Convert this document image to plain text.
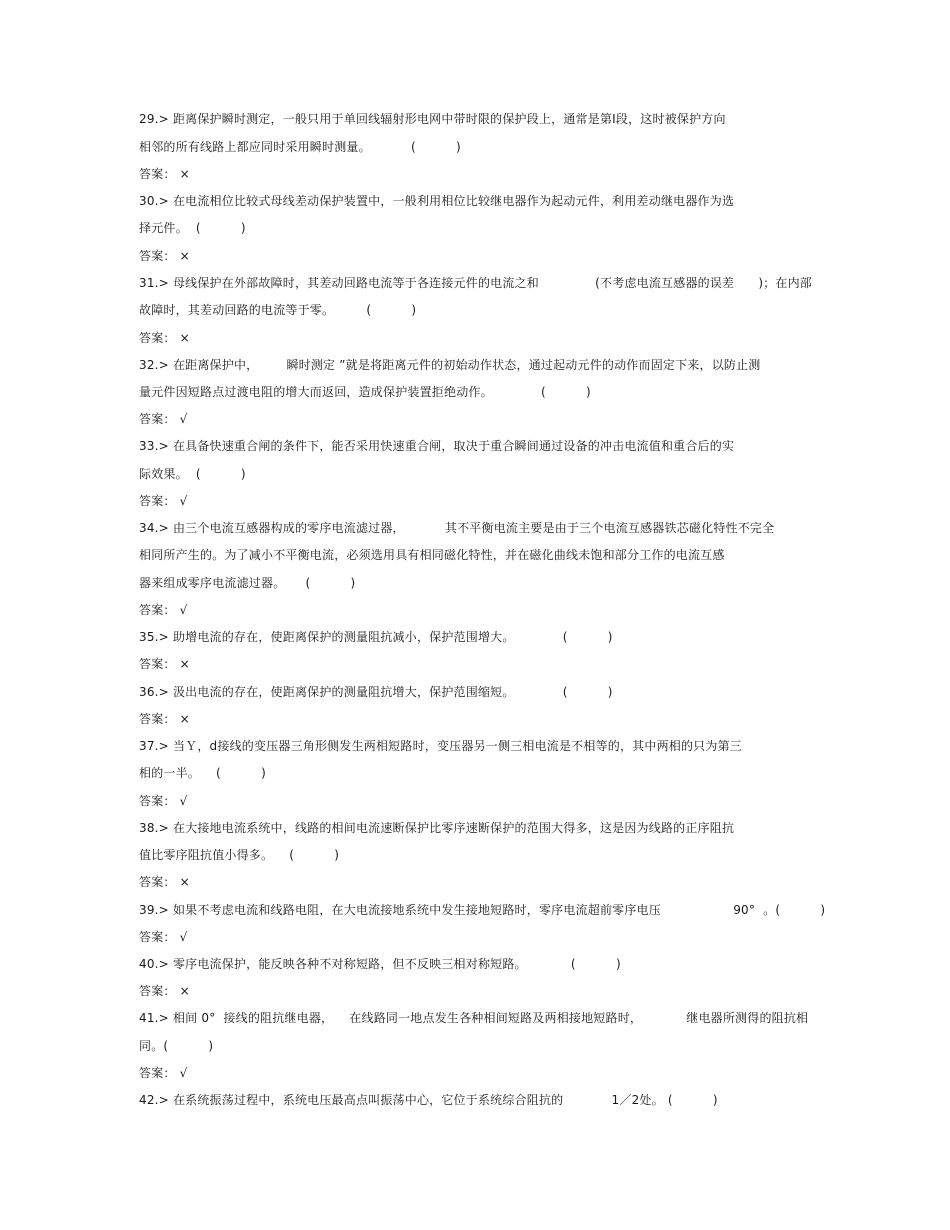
29.> 距离保护瞬时测定，一般只用于单回线辐射形电网中带时限的保护段上，通常是第Ⅰ段，这时被保护方向
相邻的所有线路上都应同时采用瞬时测量。          (          )
答案： ×
30.> 在电流相位比较式母线差动保护装置中，一般利用相位比较继电器作为起动元件，利用差动继电器作为选
择元件。  (          )
答案： ×
31.> 母线保护在外部故障时，其差动回路电流等于各连接元件的电流之和              (不考虑电流互感器的误差      )；在内部
故障时，其差动回路的电流等于零。        (          )
答案： ×
32.> 在距离保护中，       瞬时测定 ”就是将距离元件的初始动作状态，通过起动元件的动作而固定下来，以防止测
量元件因短路点过渡电阻的增大而返回，造成保护装置拒绝动作。            (          )
答案： √
33.> 在具备快速重合闸的条件下，能否采用快速重合闸，取决于重合瞬间通过设备的冲击电流值和重合后的实
际效果。  (          )
答案： √
34.> 由三个电流互感器构成的零序电流滤过器，          其不平衡电流主要是由于三个电流互感器铁芯磁化特性不完全
相同所产生的。为了减小不平衡电流，必须选用具有相同磁化特性，并在磁化曲线未饱和部分工作的电流互感
器来组成零序电流滤过器。     (          )
答案： √
35.> 助增电流的存在，使距离保护的测量阻抗减小，保护范围增大。            (          )
答案： ×
36.> 汲出电流的存在，使距离保护的测量阻抗增大，保护范围缩短。            (          )
答案： ×
37.> 当Ｙ，d接线的变压器三角形侧发生两相短路时，变压器另一侧三相电流是不相等的，其中两相的只为第三
相的一半。    (          )
答案： √
38.> 在大接地电流系统中，线路的相间电流速断保护比零序速断保护的范围大得多，这是因为线路的正序阻抗
值比零序阻抗值小得多。    (          )
答案： ×
39.> 如果不考虑电流和线路电阻，在大电流接地系统中发生接地短路时，零序电流超前零序电压                  90°  。(          )
答案： √
40.> 零序电流保护，能反映各种不对称短路，但不反映三相对称短路。           (          )
答案： ×
41.> 相间 0°  接线的阻抗继电器，    在线路同一地点发生各种相间短路及两相接地短路时，           继电器所测得的阻抗相
同。(          )
答案： √
42.> 在系统振荡过程中，系统电压最高点叫振荡中心，它位于系统综合阻抗的            1／2处。 (          )
